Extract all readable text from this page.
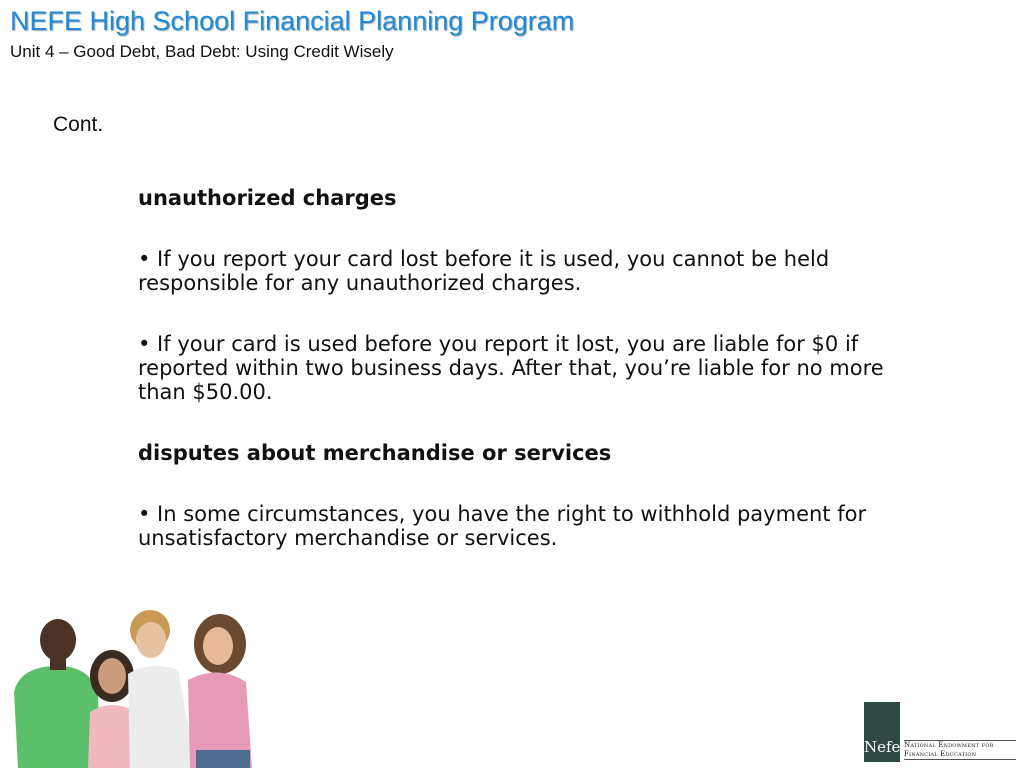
NEFE High School Financial Planning Program
Unit 4 – Good Debt, Bad Debt: Using Credit Wisely
Cont.

unauthorized charges

• If you report your card lost before it is used, you cannot be held responsible for any unauthorized charges.

• If your card is used before you report it lost, you are liable for $0 if reported within two business days. After that, you’re liable for no more than $50.00.

disputes about merchandise or services

• In some circumstances, you have the right to withhold payment for unsatisfactory merchandise or services.

Nefe National Endowment for
Financial Education
